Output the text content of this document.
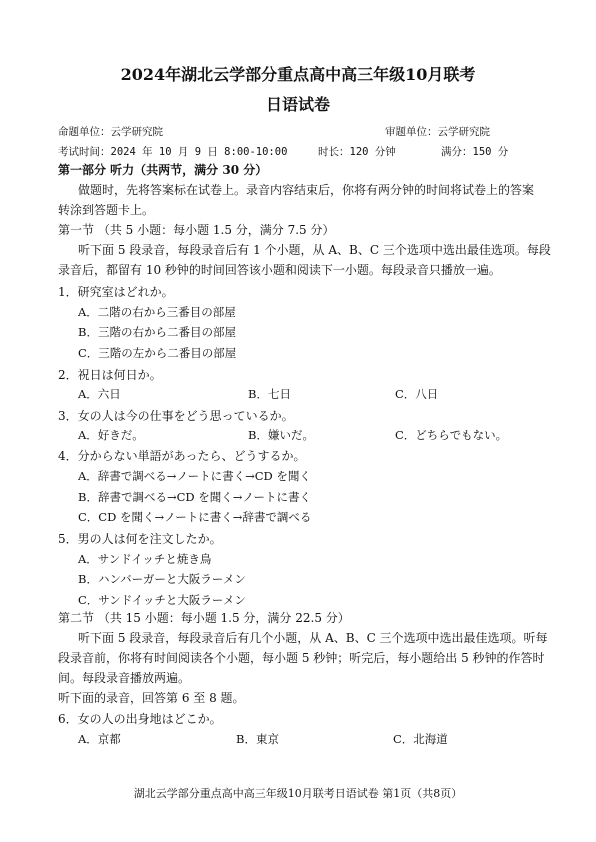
2024年湖北云学部分重点高中高三年级10月联考
日语试卷
命题单位：云学研究院	审题单位：云学研究院
考试时间：2024 年 10 月 9 日 8:00-10:00	时长：120 分钟	满分：150 分
第一部分 听力（共两节，满分 30 分）
做题时，先将答案标在试卷上。录音内容结束后，你将有两分钟的时间将试卷上的答案
转涂到答题卡上。
第一节 （共 5 小题：每小题 1.5 分，满分 7.5 分）
听下面 5 段录音，每段录音后有 1 个小题，从 A、B、C 三个选项中选出最佳选项。每段
录音后，都留有 10 秒钟的时间回答该小题和阅读下一小题。每段录音只播放一遍。
1．研究室はどれか。
A．二階の右から三番目の部屋
B．三階の右から二番目の部屋
C．三階の左から二番目の部屋
2．祝日は何日か。
A．六日	B．七日	C．八日
3．女の人は今の仕事をどう思っているか。
A．好きだ。	B．嫌いだ。	C．どちらでもない。
4．分からない単語があったら、どうするか。
A．辞書で調べる→ノートに書く→CD を聞く
B．辞書で調べる→CD を聞く→ノートに書く
C．CD を聞く→ノートに書く→辞書で調べる
5．男の人は何を注文したか。
A．サンドイッチと焼き鳥
B．ハンバーガーと大阪ラーメン
C．サンドイッチと大阪ラーメン
第二节 （共 15 小题：每小题 1.5 分，满分 22.5 分）
听下面 5 段录音，每段录音后有几个小题，从 A、B、C 三个选项中选出最佳选项。听每
段录音前，你将有时间阅读各个小题，每小题 5 秒钟；听完后，每小题给出 5 秒钟的作答时
间。每段录音播放两遍。
听下面的录音，回答第 6 至 8 题。
6．女の人の出身地はどこか。
A．京都	B．東京	C．北海道
湖北云学部分重点高中高三年级10月联考日语试卷 第1页（共8页）
